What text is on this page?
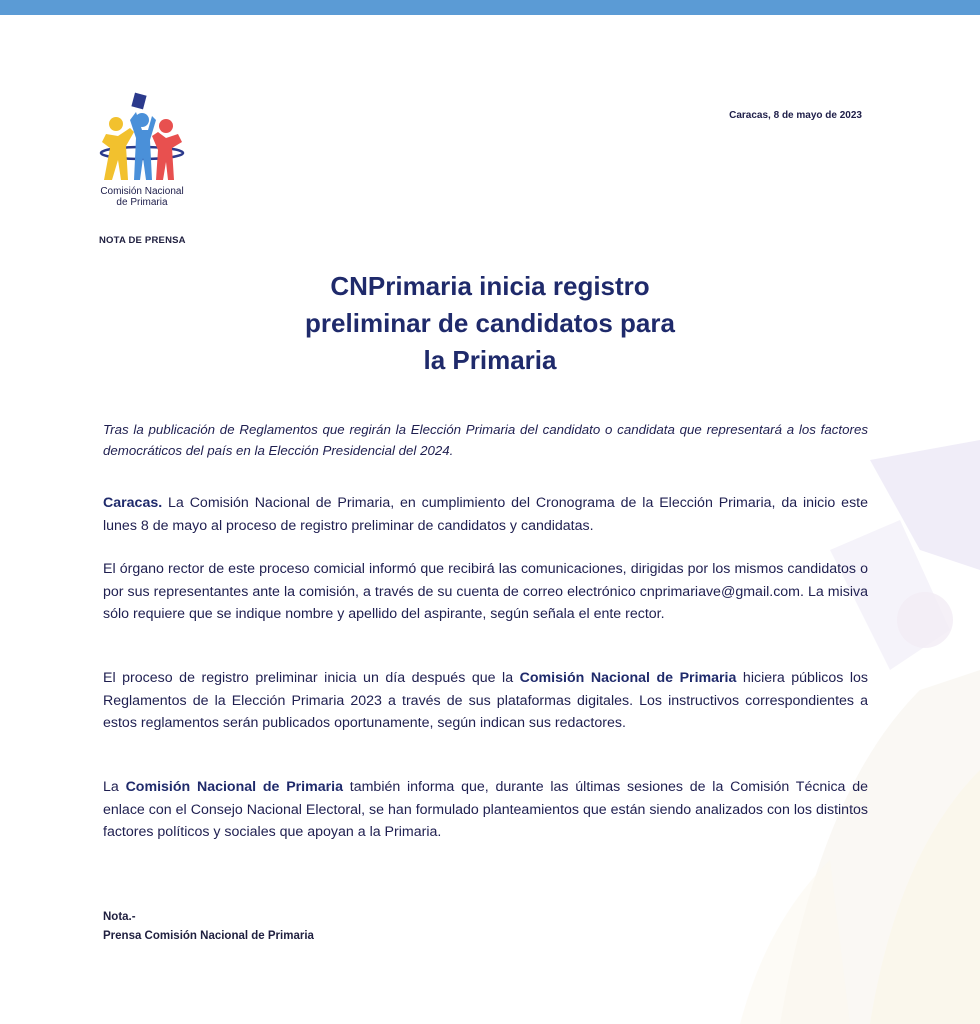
Comisión Nacional
de Primaria
Caracas, 8 de mayo de 2023
NOTA DE PRENSA
CNPrimaria inicia registro
preliminar de candidatos para
la Primaria

Tras la publicación de Reglamentos que regirán la Elección Primaria del candidato o candidata que representará a los factores democráticos del país en la Elección Presidencial del 2024.

Caracas. La Comisión Nacional de Primaria, en cumplimiento del Cronograma de la Elección Primaria, da inicio este lunes 8 de mayo al proceso de registro preliminar de candidatos y candidatas.

El órgano rector de este proceso comicial informó que recibirá las comunicaciones, dirigidas por los mismos candidatos o por sus representantes ante la comisión, a través de su cuenta de correo electrónico cnprimariave@gmail.com. La misiva sólo requiere que se indique nombre y apellido del aspirante, según señala el ente rector.

El proceso de registro preliminar inicia un día después que la Comisión Nacional de Primaria hiciera públicos los Reglamentos de la Elección Primaria 2023 a través de sus plataformas digitales. Los instructivos correspondientes a estos reglamentos serán publicados oportunamente, según indican sus redactores.

La Comisión Nacional de Primaria también informa que, durante las últimas sesiones de la Comisión Técnica de enlace con el Consejo Nacional Electoral, se han formulado planteamientos que están siendo analizados con los distintos factores políticos y sociales que apoyan a la Primaria.

Nota.-
Prensa Comisión Nacional de Primaria
